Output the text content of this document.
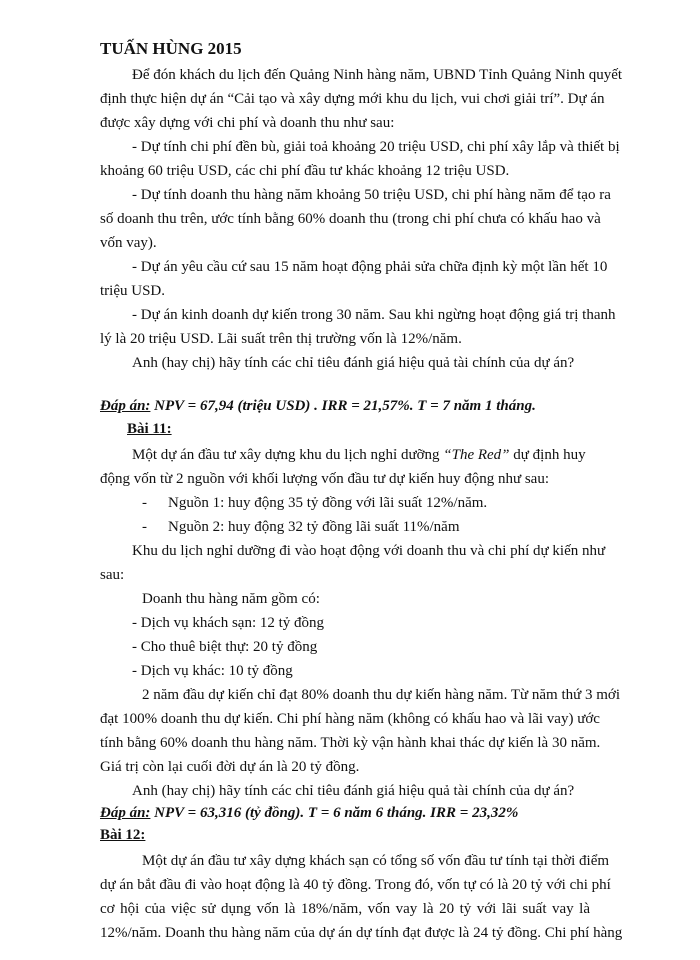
TUẤN HÙNG 2015
Để đón khách du lịch đến Quảng Ninh hàng năm, UBND Tỉnh Quảng Ninh quyết
định thực hiện dự án “Cải tạo và xây dựng mới khu du lịch, vui chơi giải trí”. Dự án
được xây dựng với chi phí và doanh thu như sau:
- Dự tính chi phí đền bù, giải toả khoảng 20 triệu USD, chi phí xây lắp và thiết bị
khoảng 60 triệu USD, các chi phí đầu tư khác khoảng 12 triệu USD.
- Dự tính doanh thu hàng năm khoảng 50 triệu USD, chi phí hàng năm để tạo ra
số doanh thu trên, ước tính bằng 60% doanh thu (trong chi phí chưa có khấu hao và
vốn vay).
- Dự án yêu cầu cứ sau 15 năm hoạt động phải sửa chữa định kỳ một lần hết 10
triệu USD.
- Dự án kinh doanh dự kiến trong 30 năm. Sau khi ngừng hoạt động giá trị thanh
lý là 20 triệu USD. Lãi suất trên thị trường vốn là 12%/năm.
Anh (hay chị) hãy tính các chỉ tiêu đánh giá hiệu quả tài chính của dự án?
Đáp án: NPV = 67,94 (triệu USD) . IRR = 21,57%. T = 7 năm 1 tháng.
Bài 11:
Một dự án đầu tư xây dựng khu du lịch nghỉ dưỡng “The Red” dự định huy
động vốn từ 2 nguồn với khối lượng vốn đầu tư dự kiến huy động như sau:
- Nguồn 1: huy động 35 tỷ đồng với lãi suất 12%/năm.
- Nguồn 2: huy động 32 tỷ đồng lãi suất 11%/năm
Khu du lịch nghỉ dưỡng đi vào hoạt động với doanh thu và chi phí dự kiến như
sau:
Doanh thu hàng năm gồm có:
- Dịch vụ khách sạn: 12 tỷ đồng
- Cho thuê biệt thự: 20 tỷ đồng
- Dịch vụ khác: 10 tỷ đồng
2 năm đầu dự kiến chỉ đạt 80% doanh thu dự kiến hàng năm. Từ năm thứ 3 mới
đạt 100% doanh thu dự kiến. Chi phí hàng năm (không có khấu hao và lãi vay) ước
tính bằng 60% doanh thu hàng năm. Thời kỳ vận hành khai thác dự kiến là 30 năm.
Giá trị còn lại cuối đời dự án là 20 tỷ đồng.
Anh (hay chị) hãy tính các chỉ tiêu đánh giá hiệu quả tài chính của dự án?
Đáp án: NPV = 63,316 (tỷ đồng). T = 6 năm 6 tháng. IRR = 23,32%
Bài 12:
Một dự án đầu tư xây dựng khách sạn có tổng số vốn đầu tư tính tại thời điểm
dự án bắt đầu đi vào hoạt động là 40 tỷ đồng. Trong đó, vốn tự có là 20 tỷ với chi phí
cơ hội của việc sử dụng vốn là 18%/năm, vốn vay là 20 tỷ với lãi suất vay là
12%/năm. Doanh thu hàng năm của dự án dự tính đạt được là 24 tỷ đồng. Chi phí hàng
